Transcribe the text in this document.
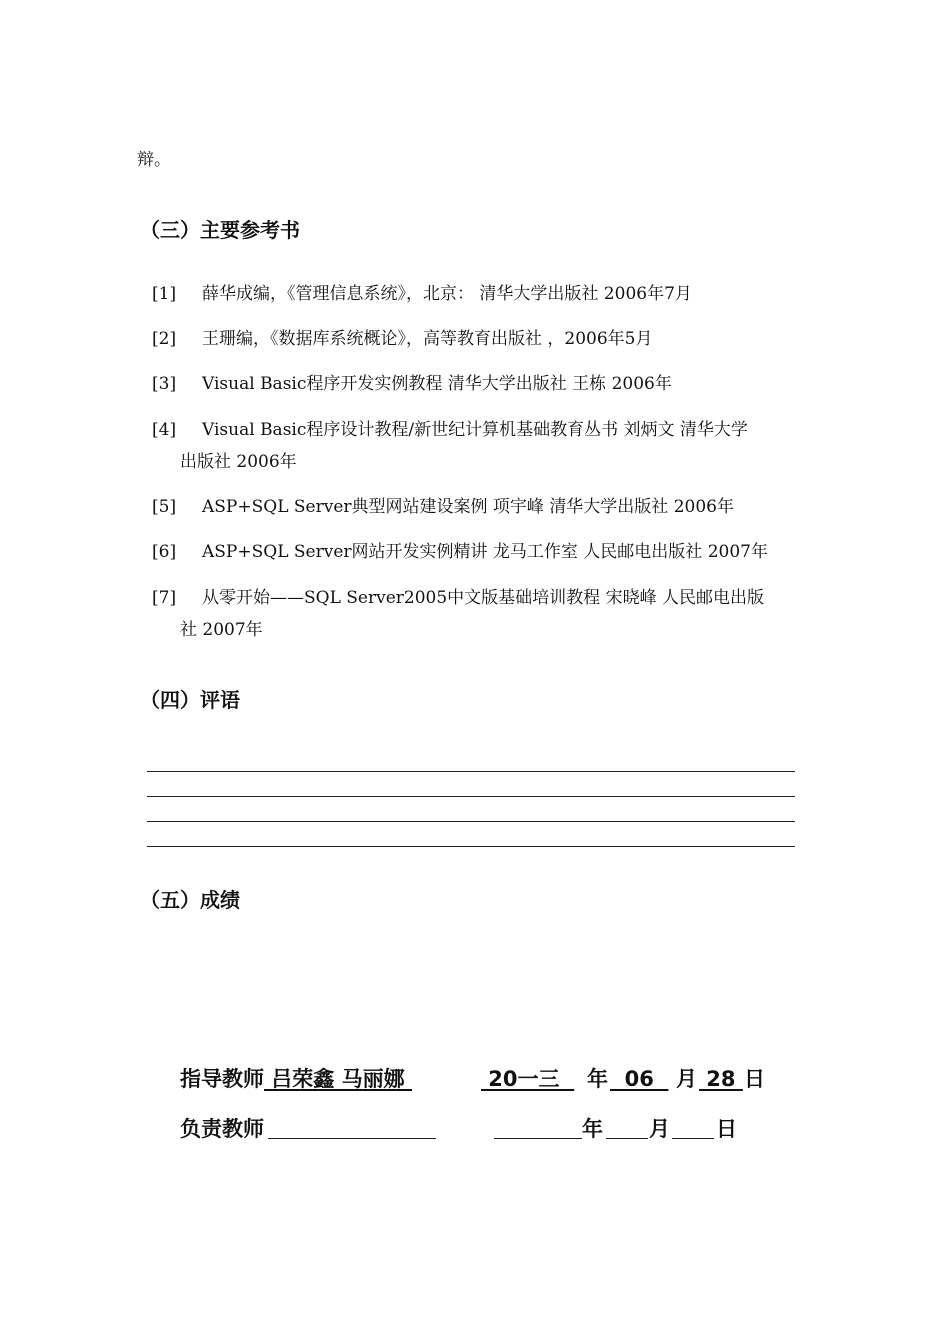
辩。
（三）主要参考书
[1] 薛华成编，《管理信息系统》，北京： 清华大学出版社 2006年7月
[2] 王珊编，《数据库系统概论》，高等教育出版社 ，2006年5月
[3] Visual Basic程序开发实例教程 清华大学出版社 王栋 2006年
[4] Visual Basic程序设计教程/新世纪计算机基础教育丛书 刘炳文 清华大学
出版社 2006年
[5] ASP+SQL Server典型网站建设案例 项宇峰 清华大学出版社 2006年
[6] ASP+SQL Server网站开发实例精讲 龙马工作室 人民邮电出版社 2007年
[7] 从零开始——SQL Server2005中文版基础培训教程 宋晓峰 人民邮电出版
社 2007年
（四）评语
（五）成绩
指导教师 吕荣鑫 马丽娜	20一三 年 06 月 28 日
负责教师	年 月 日
